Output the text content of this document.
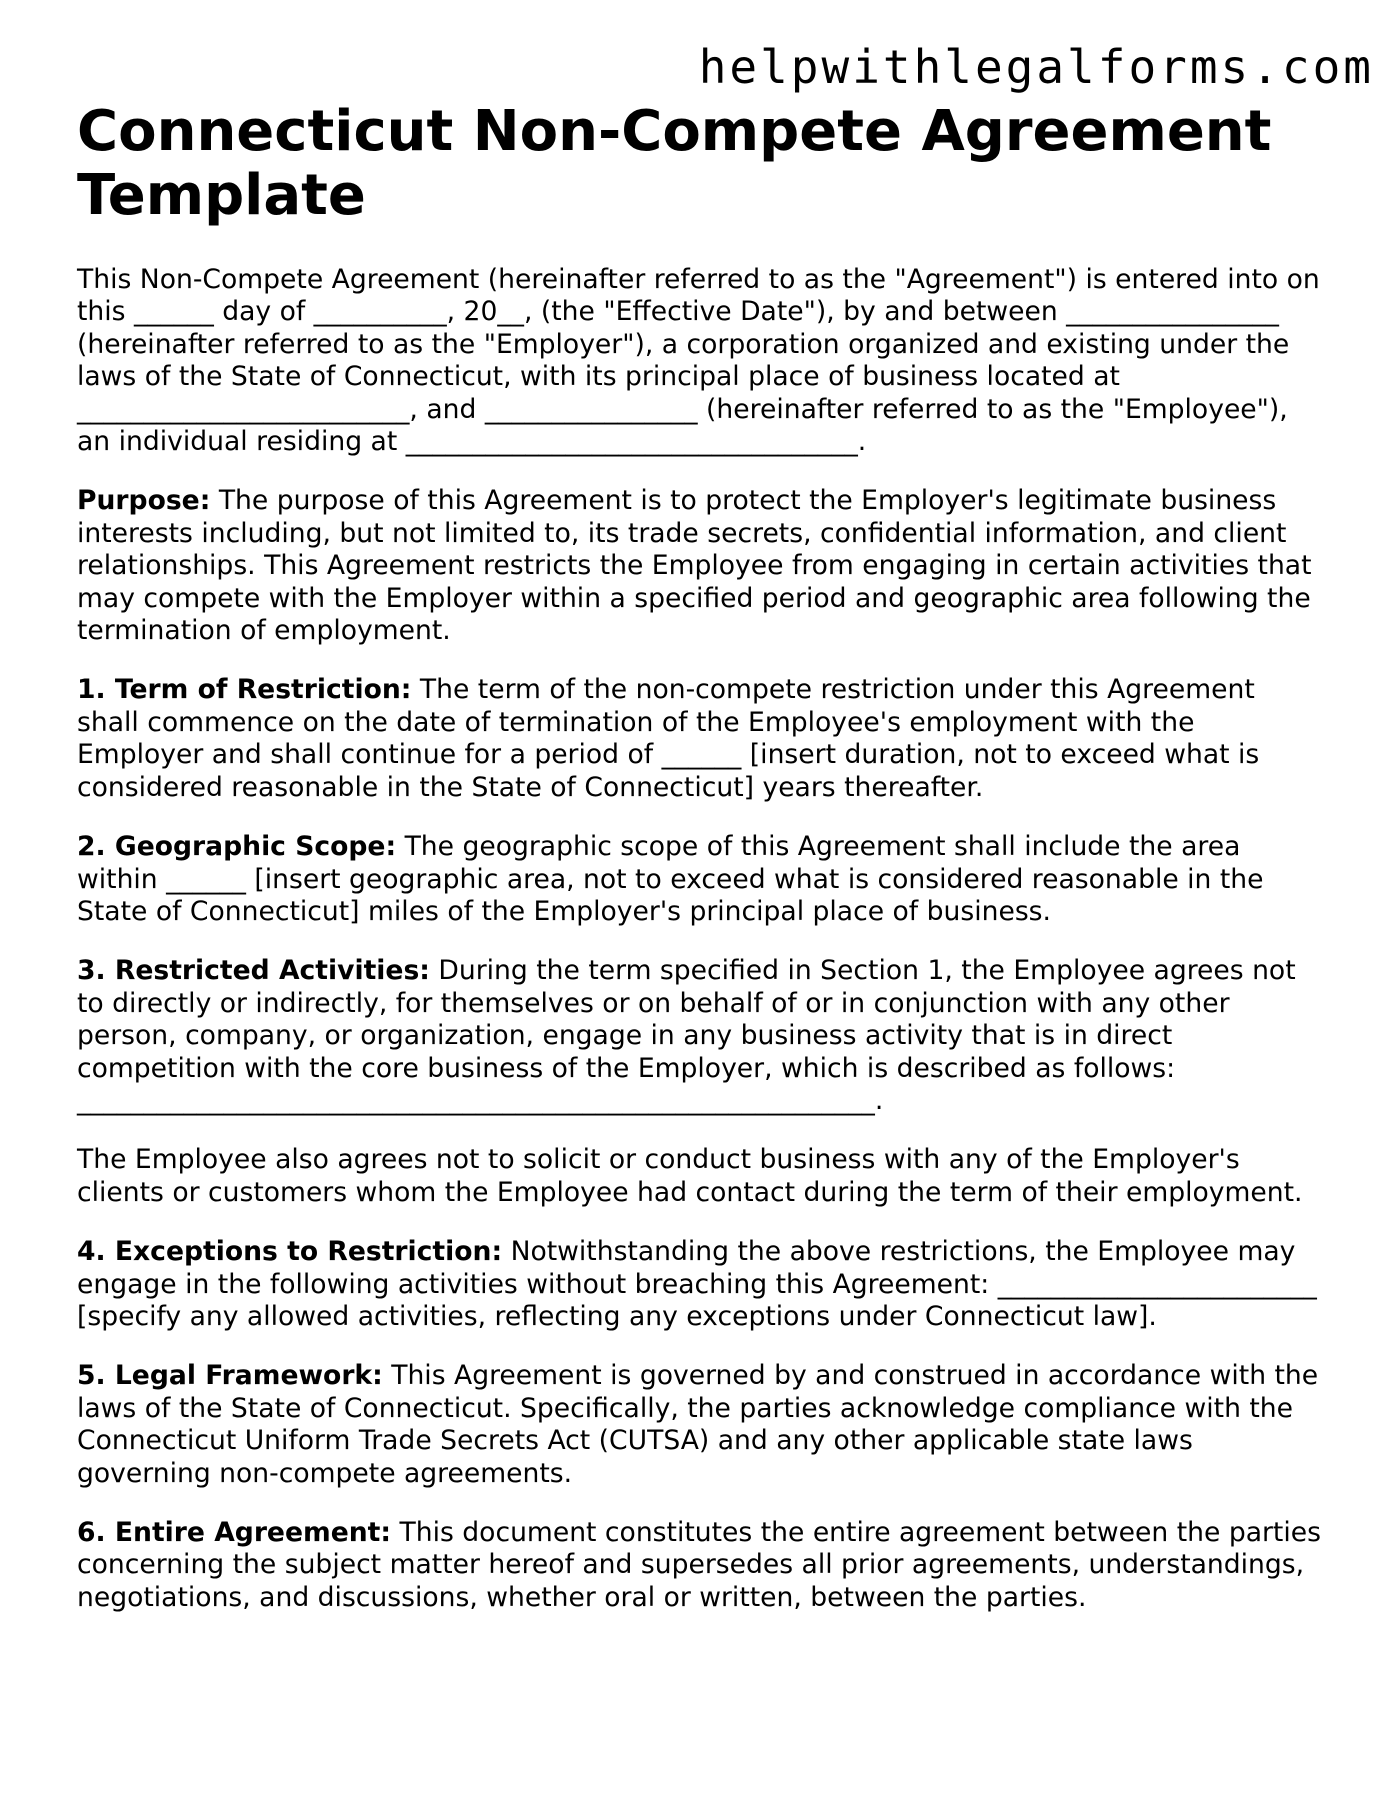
helpwithlegalforms.com
Connecticut Non-Compete Agreement Template

This Non-Compete Agreement (hereinafter referred to as the "Agreement") is entered into on this ______ day of __________, 20__, (the "Effective Date"), by and between ________________ (hereinafter referred to as the "Employer"), a corporation organized and existing under the laws of the State of Connecticut, with its principal place of business located at _________________________, and ________________ (hereinafter referred to as the "Employee"), an individual residing at __________________________________.

Purpose: The purpose of this Agreement is to protect the Employer's legitimate business interests including, but not limited to, its trade secrets, confidential information, and client relationships. This Agreement restricts the Employee from engaging in certain activities that may compete with the Employer within a specified period and geographic area following the termination of employment.

1. Term of Restriction: The term of the non-compete restriction under this Agreement shall commence on the date of termination of the Employee's employment with the Employer and shall continue for a period of ______ [insert duration, not to exceed what is considered reasonable in the State of Connecticut] years thereafter.

2. Geographic Scope: The geographic scope of this Agreement shall include the area within ______ [insert geographic area, not to exceed what is considered reasonable in the State of Connecticut] miles of the Employer's principal place of business.

3. Restricted Activities: During the term specified in Section 1, the Employee agrees not to directly or indirectly, for themselves or on behalf of or in conjunction with any other person, company, or organization, engage in any business activity that is in direct competition with the core business of the Employer, which is described as follows: ____________________________________________________________.

The Employee also agrees not to solicit or conduct business with any of the Employer's clients or customers whom the Employee had contact during the term of their employment.

4. Exceptions to Restriction: Notwithstanding the above restrictions, the Employee may engage in the following activities without breaching this Agreement: ________________________ [specify any allowed activities, reflecting any exceptions under Connecticut law].

5. Legal Framework: This Agreement is governed by and construed in accordance with the laws of the State of Connecticut. Specifically, the parties acknowledge compliance with the Connecticut Uniform Trade Secrets Act (CUTSA) and any other applicable state laws governing non-compete agreements.

6. Entire Agreement: This document constitutes the entire agreement between the parties concerning the subject matter hereof and supersedes all prior agreements, understandings, negotiations, and discussions, whether oral or written, between the parties.
